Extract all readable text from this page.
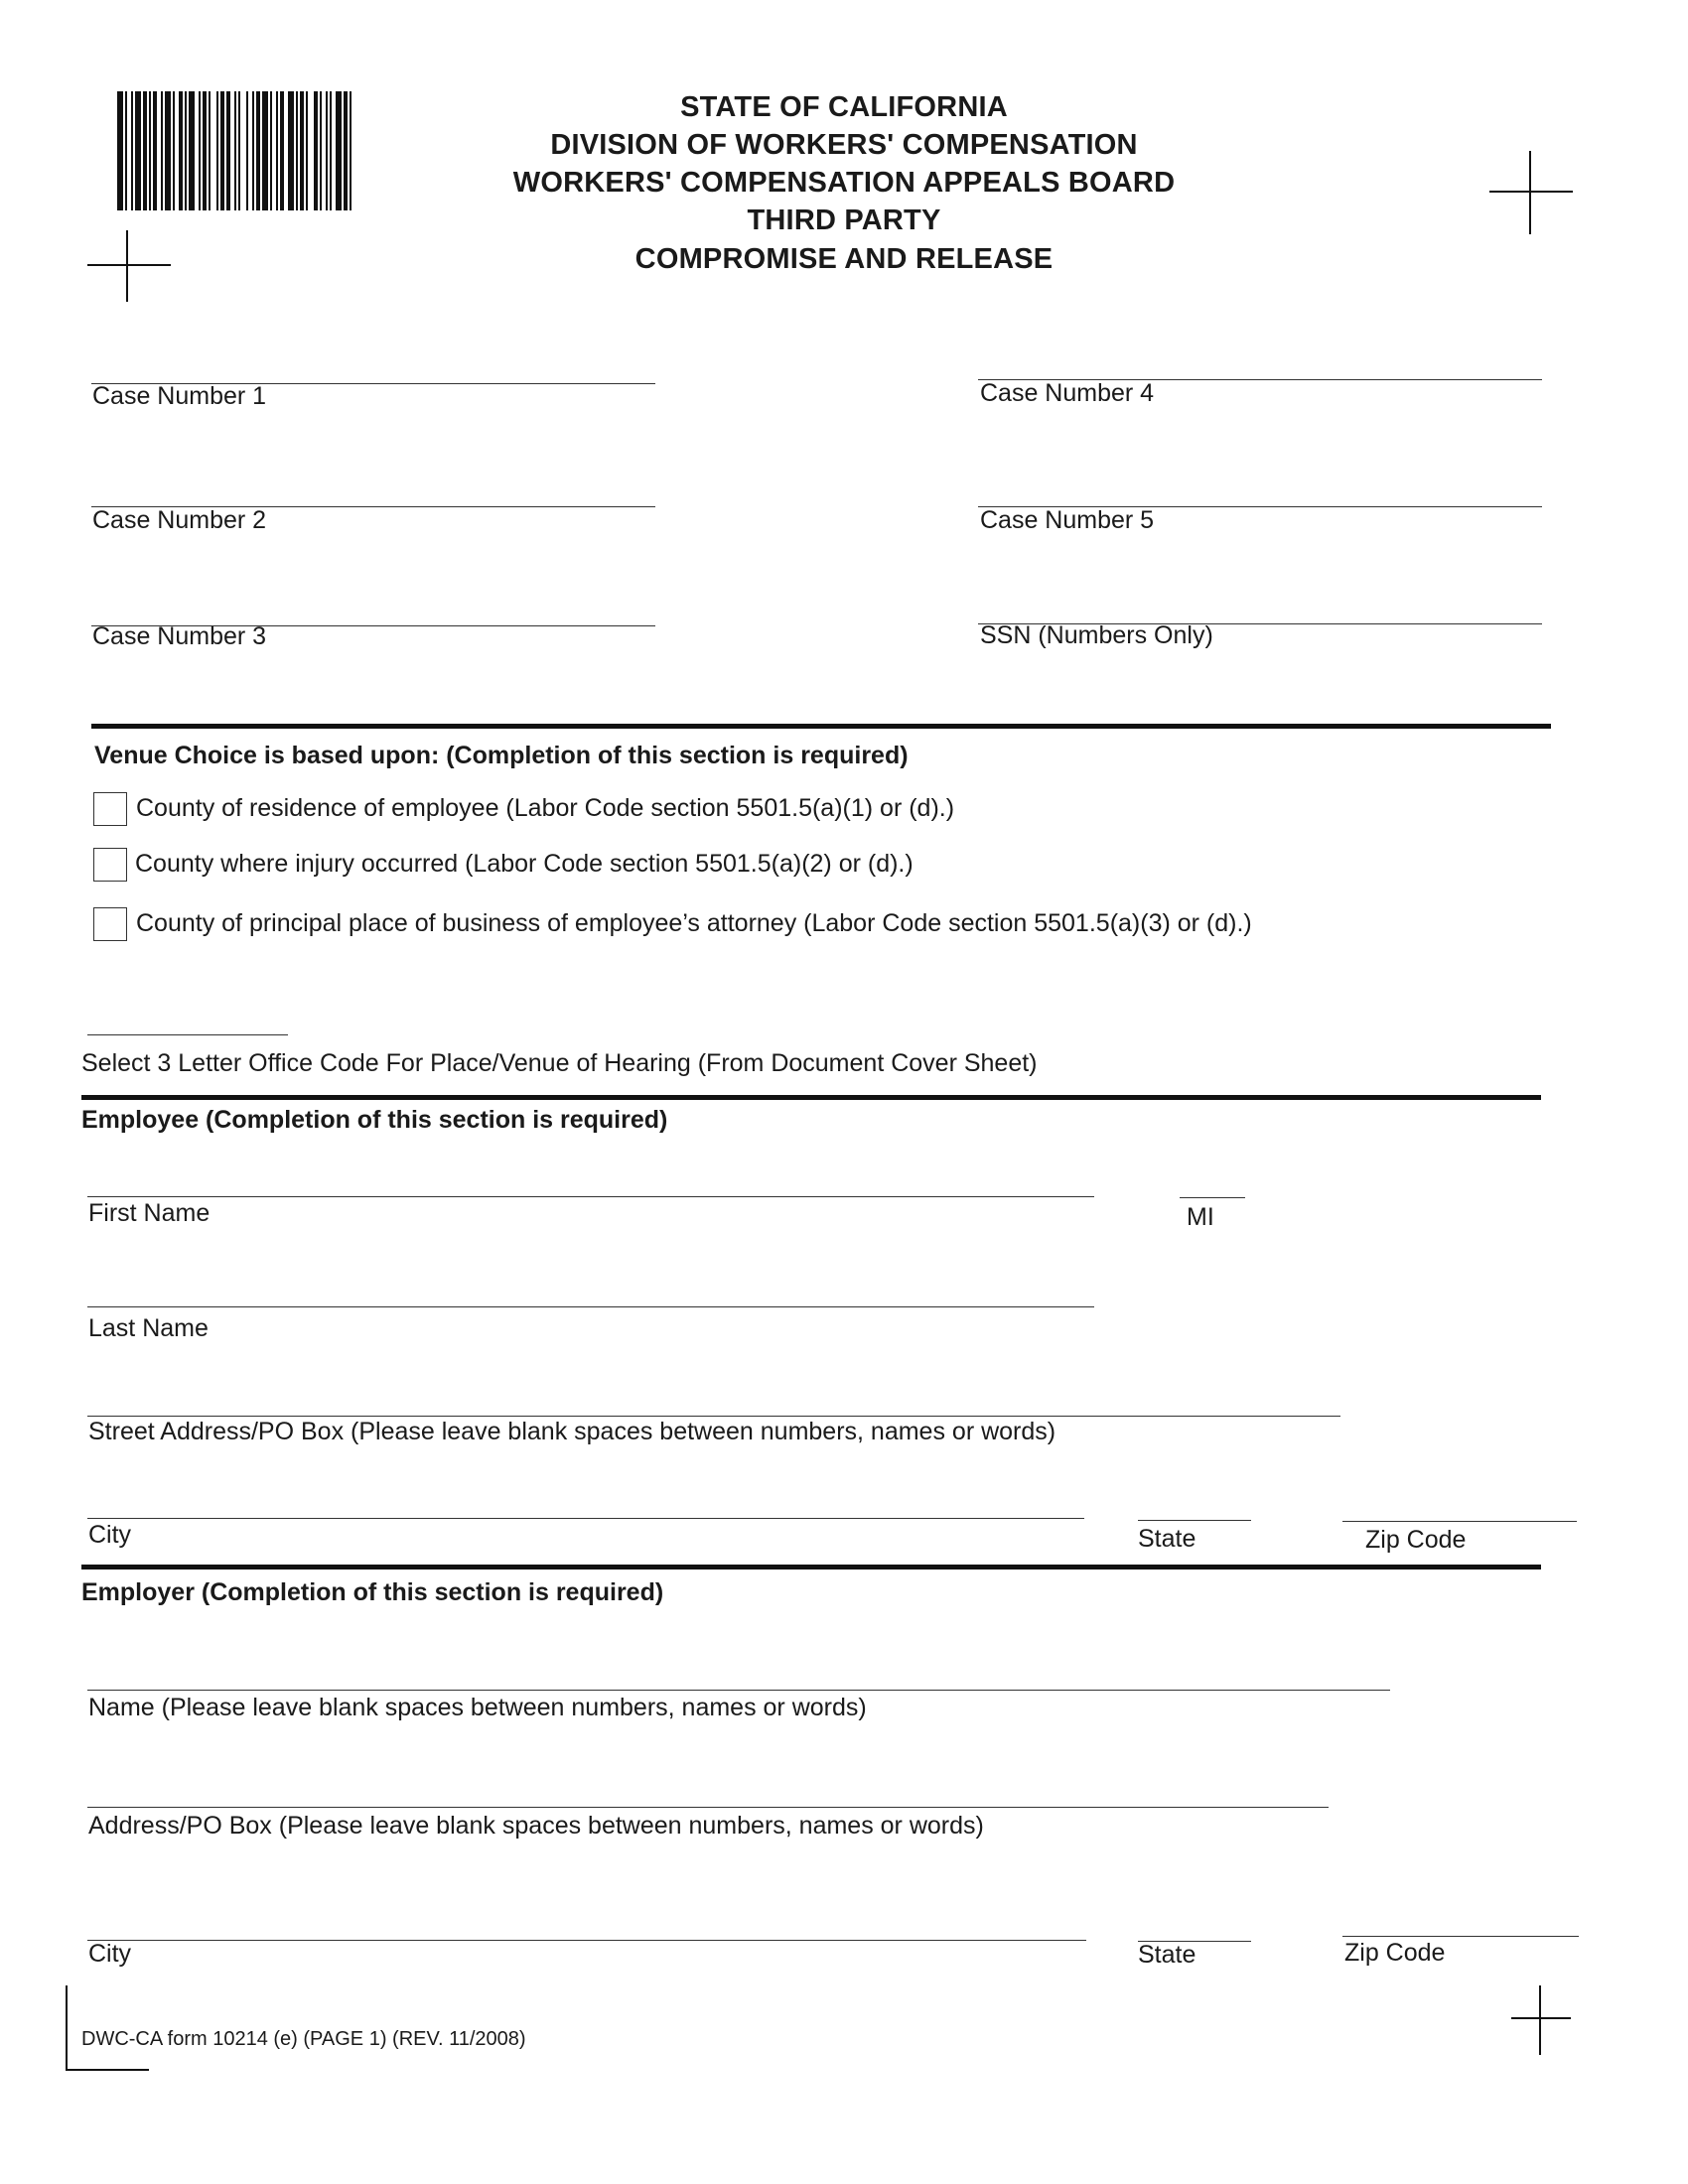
STATE OF CALIFORNIA
DIVISION OF WORKERS' COMPENSATION
WORKERS' COMPENSATION APPEALS BOARD
THIRD PARTY
COMPROMISE AND RELEASE
Case Number 1	Case Number 4
Case Number 2	Case Number 5
Case Number 3	SSN (Numbers Only)
Venue Choice is based upon: (Completion of this section is required)
County of residence of employee (Labor Code section 5501.5(a)(1) or (d).)
County where injury occurred (Labor Code section 5501.5(a)(2) or (d).)
County of principal place of business of employee’s attorney (Labor Code section 5501.5(a)(3) or (d).)
Select 3 Letter Office Code For Place/Venue of Hearing (From Document Cover Sheet)
Employee (Completion of this section is required)
First Name	MI
Last Name
Street Address/PO Box (Please leave blank spaces between numbers, names or words)
City	State	Zip Code
Employer (Completion of this section is required)
Name (Please leave blank spaces between numbers, names or words)
Address/PO Box (Please leave blank spaces between numbers, names or words)
City	State	Zip Code
DWC-CA form 10214 (e) (PAGE 1) (REV. 11/2008)
